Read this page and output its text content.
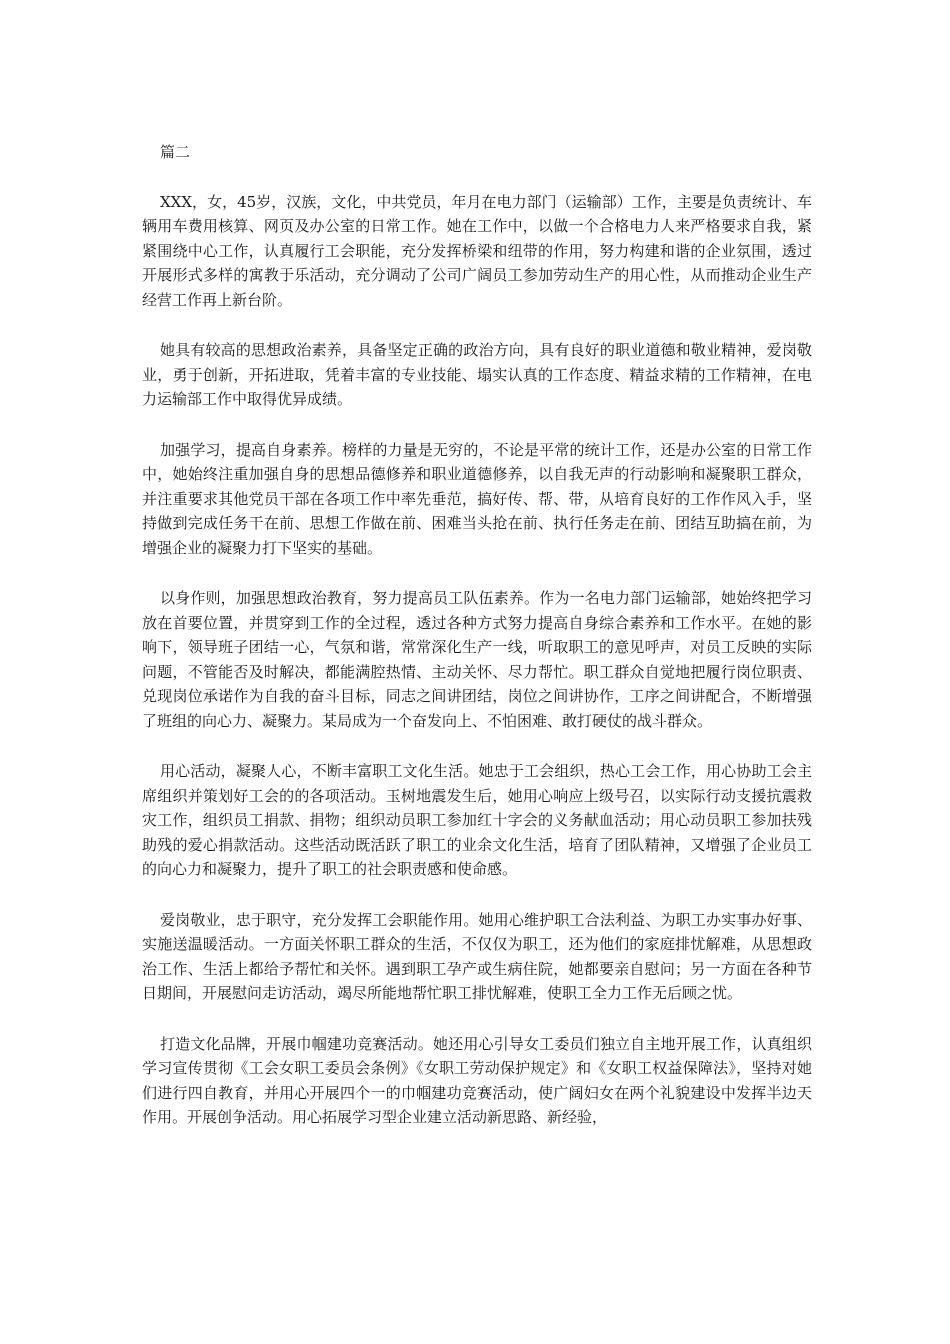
篇二

XXX，女，45岁，汉族，文化，中共党员，年月在电力部门（运输部）工作，主要是负责统计、车辆用车费用核算、网页及办公室的日常工作。她在工作中，以做一个合格电力人来严格要求自我，紧紧围绕中心工作，认真履行工会职能，充分发挥桥梁和纽带的作用，努力构建和谐的企业氛围，透过开展形式多样的寓教于乐活动，充分调动了公司广阔员工参加劳动生产的用心性，从而推动企业生产经营工作再上新台阶。

她具有较高的思想政治素养，具备坚定正确的政治方向，具有良好的职业道德和敬业精神，爱岗敬业，勇于创新，开拓进取，凭着丰富的专业技能、塌实认真的工作态度、精益求精的工作精神，在电力运输部工作中取得优异成绩。

加强学习，提高自身素养。榜样的力量是无穷的，不论是平常的统计工作，还是办公室的日常工作中，她始终注重加强自身的思想品德修养和职业道德修养，以自我无声的行动影响和凝聚职工群众，并注重要求其他党员干部在各项工作中率先垂范，搞好传、帮、带，从培育良好的工作作风入手，坚持做到完成任务干在前、思想工作做在前、困难当头抢在前、执行任务走在前、团结互助搞在前，为增强企业的凝聚力打下坚实的基础。

以身作则，加强思想政治教育，努力提高员工队伍素养。作为一名电力部门运输部，她始终把学习放在首要位置，并贯穿到工作的全过程，透过各种方式努力提高自身综合素养和工作水平。在她的影响下，领导班子团结一心，气氛和谐，常常深化生产一线，听取职工的意见呼声，对员工反映的实际问题，不管能否及时解决，都能满腔热情、主动关怀、尽力帮忙。职工群众自觉地把履行岗位职责、兑现岗位承诺作为自我的奋斗目标，同志之间讲团结，岗位之间讲协作，工序之间讲配合，不断增强了班组的向心力、凝聚力。某局成为一个奋发向上、不怕困难、敢打硬仗的战斗群众。

用心活动，凝聚人心，不断丰富职工文化生活。她忠于工会组织，热心工会工作，用心协助工会主席组织并策划好工会的的各项活动。玉树地震发生后，她用心响应上级号召，以实际行动支援抗震救灾工作，组织员工捐款、捐物；组织动员职工参加红十字会的义务献血活动；用心动员职工参加扶残助残的爱心捐款活动。这些活动既活跃了职工的业余文化生活，培育了团队精神，又增强了企业员工的向心力和凝聚力，提升了职工的社会职责感和使命感。

爱岗敬业，忠于职守，充分发挥工会职能作用。她用心维护职工合法利益、为职工办实事办好事、实施送温暖活动。一方面关怀职工群众的生活，不仅仅为职工，还为他们的家庭排忧解难，从思想政治工作、生活上都给予帮忙和关怀。遇到职工孕产或生病住院，她都要亲自慰问；另一方面在各种节日期间，开展慰问走访活动，竭尽所能地帮忙职工排忧解难，使职工全力工作无后顾之忧。

打造文化品牌，开展巾帼建功竞赛活动。她还用心引导女工委员们独立自主地开展工作，认真组织学习宣传贯彻《工会女职工委员会条例》《女职工劳动保护规定》和《女职工权益保障法》，坚持对她们进行四自教育，并用心开展四个一的巾帼建功竞赛活动，使广阔妇女在两个礼貌建设中发挥半边天作用。开展创争活动。用心拓展学习型企业建立活动新思路、新经验，
